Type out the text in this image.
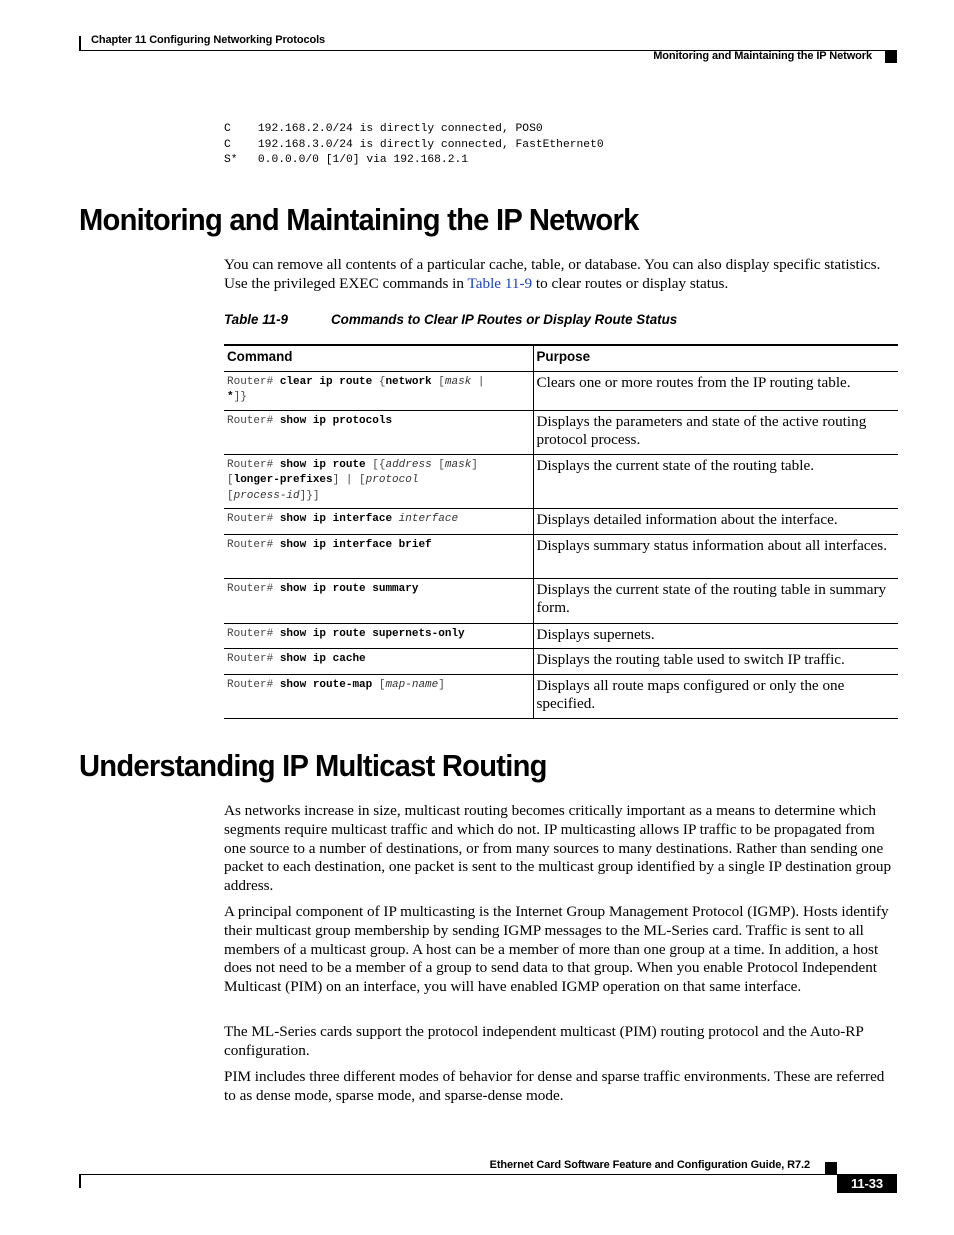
Chapter 11 Configuring Networking Protocols
Monitoring and Maintaining the IP Network
C    192.168.2.0/24 is directly connected, POS0
C    192.168.3.0/24 is directly connected, FastEthernet0
S*   0.0.0.0/0 [1/0] via 192.168.2.1
Monitoring and Maintaining the IP Network

You can remove all contents of a particular cache, table, or database. You can also display specific statistics. Use the privileged EXEC commands in Table 11-9 to clear routes or display status.

Table 11-9	Commands to Clear IP Routes or Display Route Status
Command	Purpose
Router# clear ip route {network [mask |
*]}	Clears one or more routes from the IP routing table.
Router# show ip protocols	Displays the parameters and state of the active routing protocol process.
Router# show ip route [{address [mask]
[longer-prefixes] | [protocol
[process-id]}]	Displays the current state of the routing table.
Router# show ip interface interface	Displays detailed information about the interface.
Router# show ip interface brief	Displays summary status information about all interfaces.
Router# show ip route summary	Displays the current state of the routing table in summary form.
Router# show ip route supernets-only	Displays supernets.
Router# show ip cache	Displays the routing table used to switch IP traffic.
Router# show route-map [map-name]	Displays all route maps configured or only the one specified.
Understanding IP Multicast Routing

As networks increase in size, multicast routing becomes critically important as a means to determine which segments require multicast traffic and which do not. IP multicasting allows IP traffic to be propagated from one source to a number of destinations, or from many sources to many destinations. Rather than sending one packet to each destination, one packet is sent to the multicast group identified by a single IP destination group address.

A principal component of IP multicasting is the Internet Group Management Protocol (IGMP). Hosts identify their multicast group membership by sending IGMP messages to the ML-Series card. Traffic is sent to all members of a multicast group. A host can be a member of more than one group at a time. In addition, a host does not need to be a member of a group to send data to that group. When you enable Protocol Independent Multicast (PIM) on an interface, you will have enabled IGMP operation on that same interface.

The ML-Series cards support the protocol independent multicast (PIM) routing protocol and the Auto-RP configuration.

PIM includes three different modes of behavior for dense and sparse traffic environments. These are referred to as dense mode, sparse mode, and sparse-dense mode.

Ethernet Card Software Feature and Configuration Guide, R7.2
11-33
